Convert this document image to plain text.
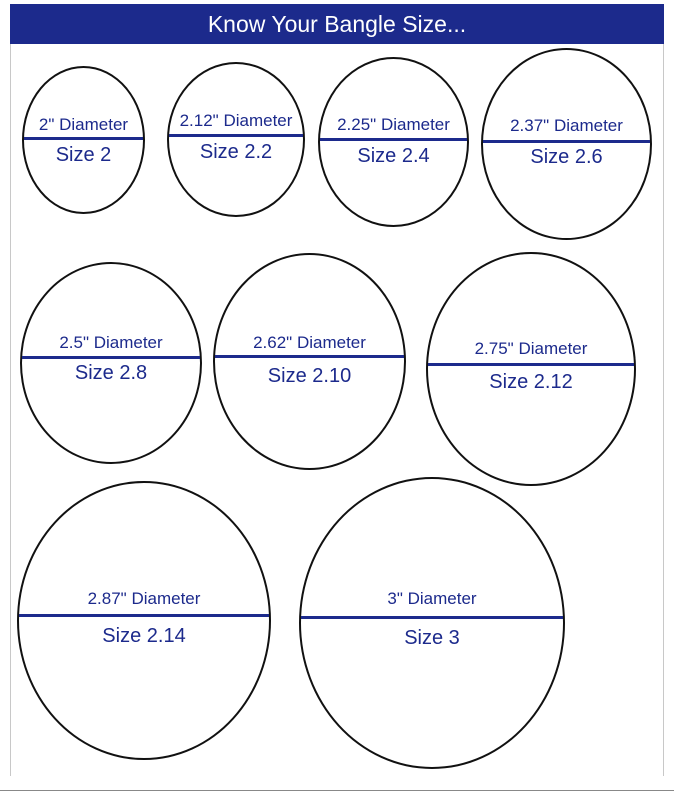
Know Your Bangle Size...
2" Diameter
Size 2
2.12" Diameter
Size 2.2
2.25" Diameter
Size 2.4
2.37" Diameter
Size 2.6
2.5" Diameter
Size 2.8
2.62" Diameter
Size 2.10
2.75" Diameter
Size 2.12
2.87" Diameter
Size 2.14
3" Diameter
Size 3
